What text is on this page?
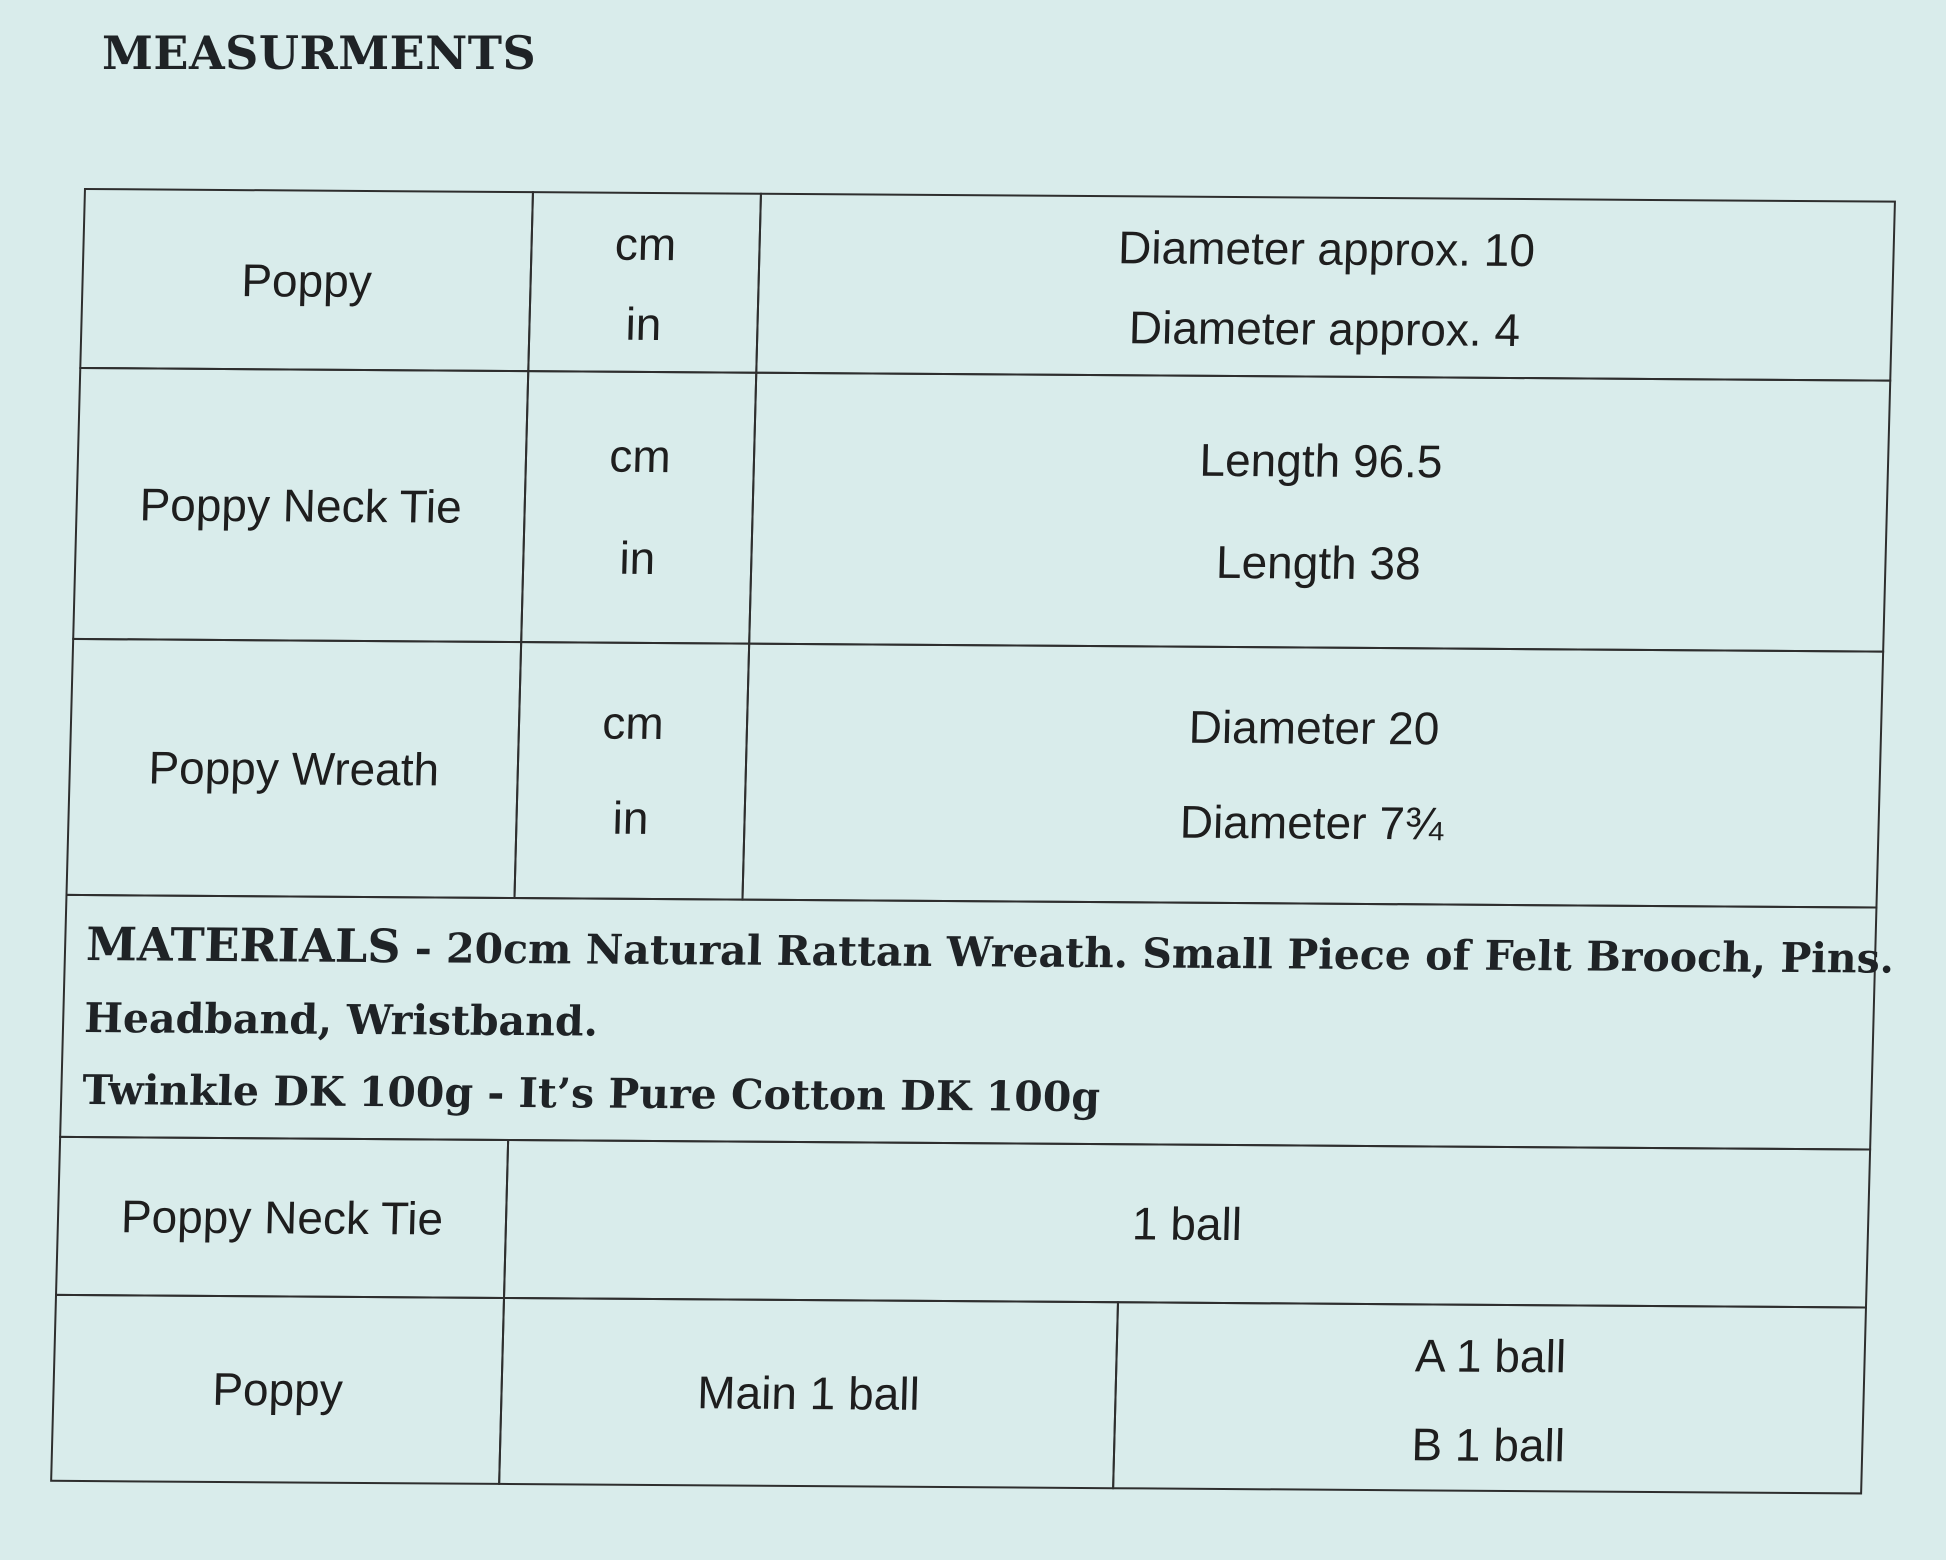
MEASURMENTS
Poppy
cm
in
Diameter approx. 10
Diameter approx. 4
Poppy Neck Tie
cm
in
Length 96.5
Length 38
Poppy Wreath
cm
in
Diameter 20
Diameter 7¾
MATERIALS - 20cm Natural Rattan Wreath. Small Piece of Felt Brooch, Pins.
Headband, Wristband.
Twinkle DK 100g - It’s Pure Cotton DK 100g
Poppy Neck Tie	1 ball
Poppy	Main 1 ball
A 1 ball
B 1 ball
